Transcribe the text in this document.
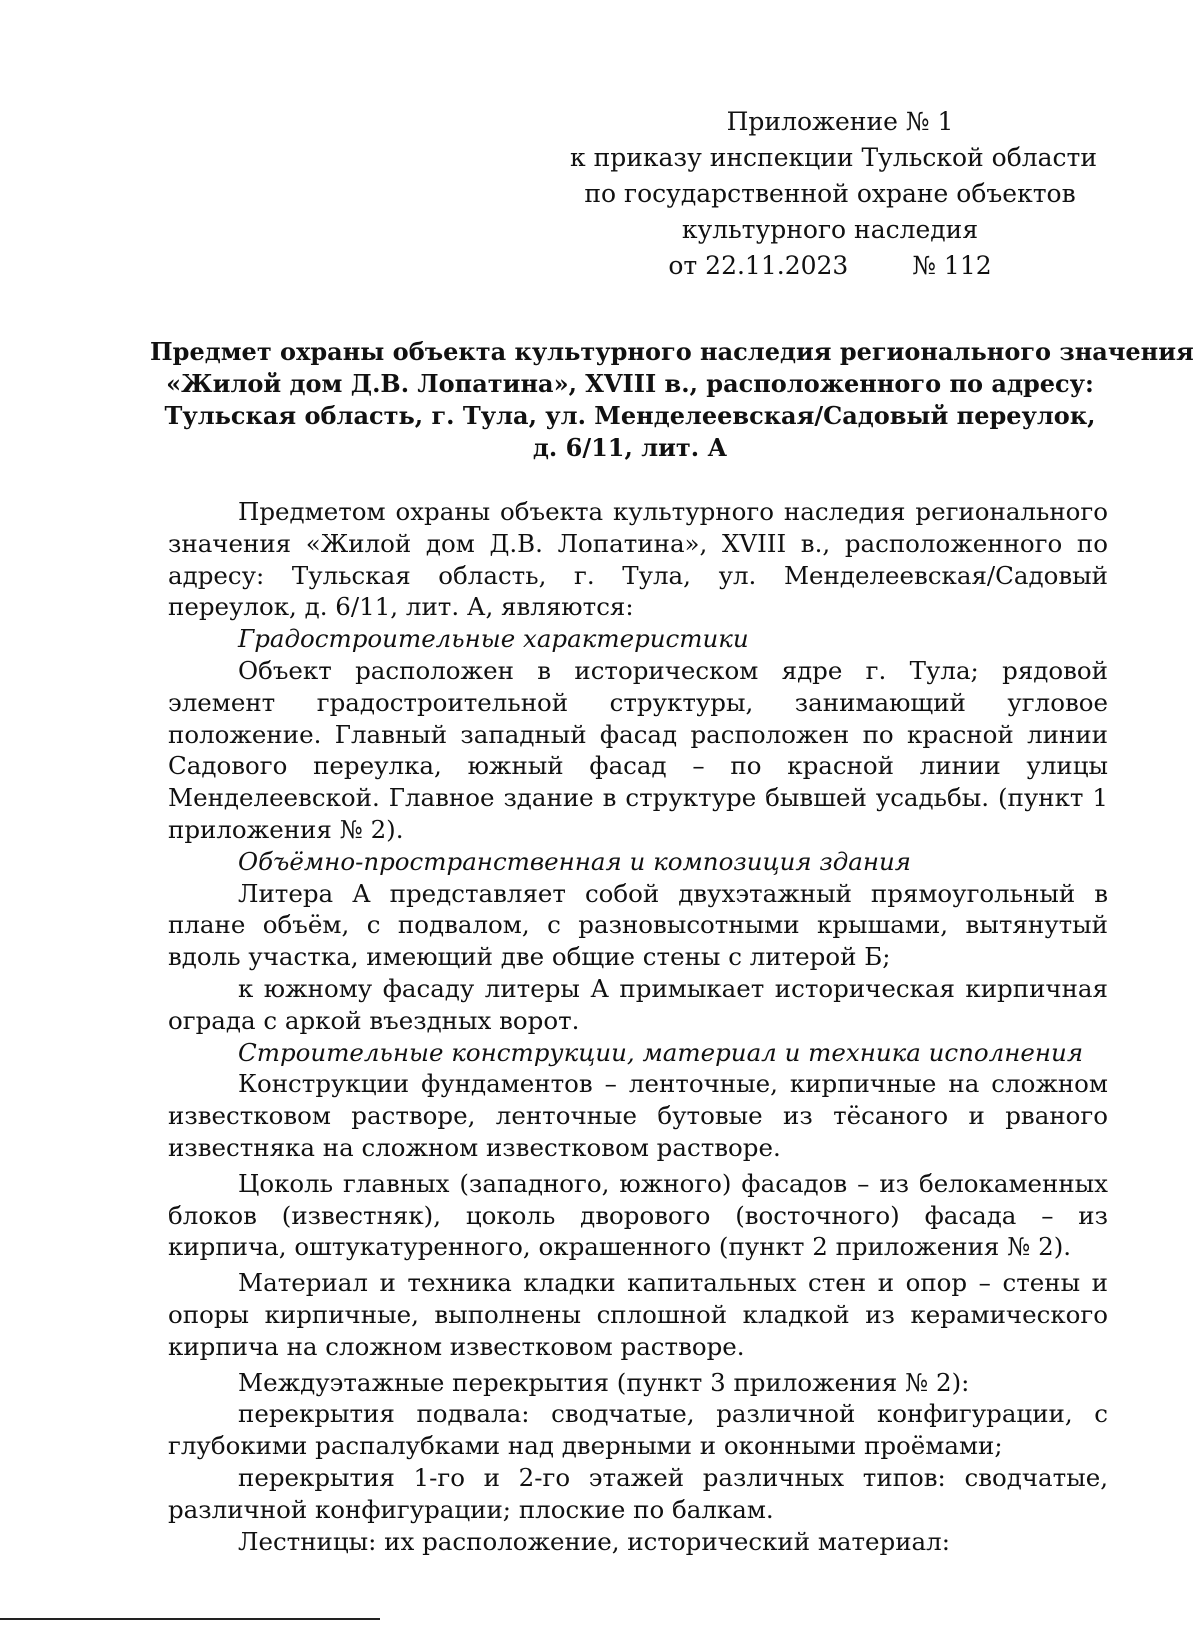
Приложение № 1
к приказу инспекции Тульской области
по государственной охране объектов
культурного наследия
от 22.11.2023	№ 112
Предмет охраны объекта культурного наследия регионального значения
«Жилой дом Д.В. Лопатина», XVIII в., расположенного по адресу:
Тульская область, г. Тула, ул. Менделеевская/Садовый переулок,
д. 6/11, лит. А

Предметом охраны объекта культурного наследия регионального значения «Жилой дом Д.В. Лопатина», XVIII в., расположенного по адресу: Тульская область, г. Тула, ул. Менделеевская/Садовый переулок, д. 6/11, лит. А, являются:

Градостроительные характеристики

Объект расположен в историческом ядре г. Тула; рядовой элемент градостроительной структуры, занимающий угловое положение. Главный западный фасад расположен по красной линии Садового переулка, южный фасад – по красной линии улицы Менделеевской. Главное здание в структуре бывшей усадьбы. (пункт 1 приложения № 2).

Объёмно-пространственная и композиция здания

Литера А представляет собой двухэтажный прямоугольный в плане объём, с подвалом, с разновысотными крышами, вытянутый вдоль участка, имеющий две общие стены с литерой Б;

к южному фасаду литеры А примыкает историческая кирпичная ограда с аркой въездных ворот.

Строительные конструкции, материал и техника исполнения

Конструкции фундаментов – ленточные, кирпичные на сложном известковом растворе, ленточные бутовые из тёсаного и рваного известняка на сложном известковом растворе.

Цоколь главных (западного, южного) фасадов – из белокаменных блоков (известняк), цоколь дворового (восточного) фасада – из кирпича, оштукатуренного, окрашенного (пункт 2 приложения № 2).

Материал и техника кладки капитальных стен и опор – стены и опоры кирпичные, выполнены сплошной кладкой из керамического кирпича на сложном известковом растворе.

Междуэтажные перекрытия (пункт 3 приложения № 2):

перекрытия подвала: сводчатые, различной конфигурации, с глубокими распалубками над дверными и оконными проёмами;

перекрытия 1-го и 2-го этажей различных типов: сводчатые, различной конфигурации; плоские по балкам.

Лестницы: их расположение, исторический материал:
